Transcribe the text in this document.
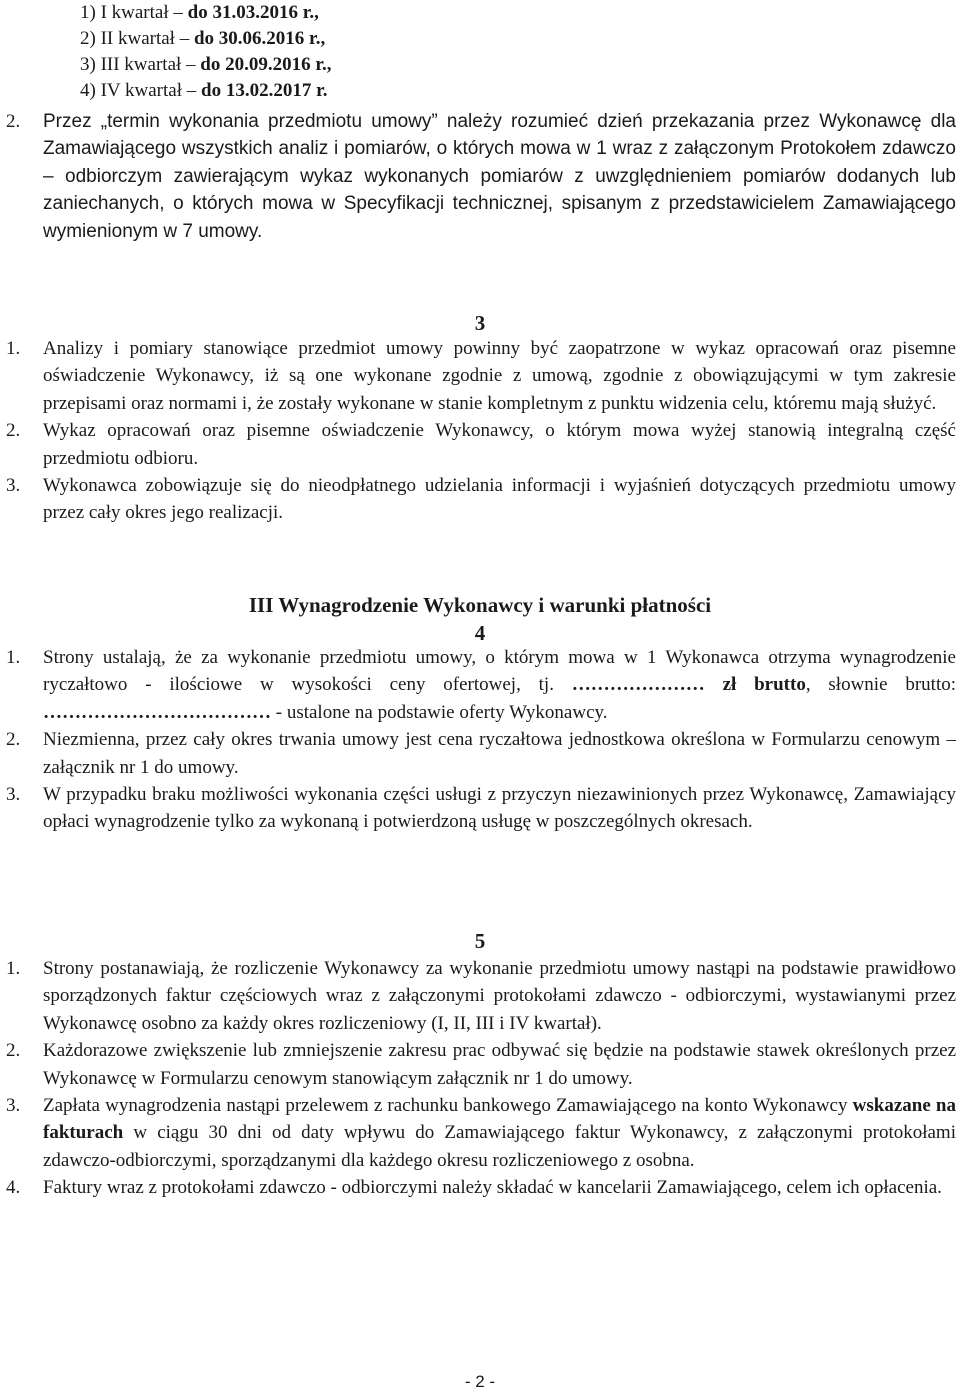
1) I kwartał – do 31.03.2016 r.,
2) II kwartał – do 30.06.2016 r.,
3) III kwartał – do 20.09.2016 r.,
4) IV kwartał – do 13.02.2017 r.
2. Przez „termin wykonania przedmiotu umowy” należy rozumieć dzień przekazania przez Wykonawcę dla Zamawiającego wszystkich analiz i pomiarów, o których mowa w 1 wraz z załączonym Protokołem zdawczo – odbiorczym zawierającym wykaz wykonanych pomiarów z uwzględnieniem pomiarów dodanych lub zaniechanych, o których mowa w Specyfikacji technicznej, spisanym z przedstawicielem Zamawiającego wymienionym w 7 umowy.
3
1. Analizy i pomiary stanowiące przedmiot umowy powinny być zaopatrzone w wykaz opracowań oraz pisemne oświadczenie Wykonawcy, iż są one wykonane zgodnie z umową, zgodnie z obowiązującymi w tym zakresie przepisami oraz normami i, że zostały wykonane w stanie kompletnym z punktu widzenia celu, któremu mają służyć.
2. Wykaz opracowań oraz pisemne oświadczenie Wykonawcy, o którym mowa wyżej stanowią integralną część przedmiotu odbioru.
3. Wykonawca zobowiązuje się do nieodpłatnego udzielania informacji i wyjaśnień dotyczących przedmiotu umowy przez cały okres jego realizacji.
III Wynagrodzenie Wykonawcy i warunki płatności
4
1. Strony ustalają, że za wykonanie przedmiotu umowy, o którym mowa w 1 Wykonawca otrzyma wynagrodzenie ryczałtowo - ilościowe w wysokości ceny ofertowej, tj. ………………… zł brutto, słownie brutto: ……………………………… - ustalone na podstawie oferty Wykonawcy.
2. Niezmienna, przez cały okres trwania umowy jest cena ryczałtowa jednostkowa określona w Formularzu cenowym – załącznik nr 1 do umowy.
3. W przypadku braku możliwości wykonania części usługi z przyczyn niezawinionych przez Wykonawcę, Zamawiający opłaci wynagrodzenie tylko za wykonaną i potwierdzoną usługę w poszczególnych okresach.
5
1. Strony postanawiają, że rozliczenie Wykonawcy za wykonanie przedmiotu umowy nastąpi na podstawie prawidłowo sporządzonych faktur częściowych wraz z załączonymi protokołami zdawczo - odbiorczymi, wystawianymi przez Wykonawcę osobno za każdy okres rozliczeniowy (I, II, III i IV kwartał).
2. Każdorazowe zwiększenie lub zmniejszenie zakresu prac odbywać się będzie na podstawie stawek określonych przez Wykonawcę w Formularzu cenowym stanowiącym załącznik nr 1 do umowy.
3. Zapłata wynagrodzenia nastąpi przelewem z rachunku bankowego Zamawiającego na konto Wykonawcy wskazane na fakturach w ciągu 30 dni od daty wpływu do Zamawiającego faktur Wykonawcy, z załączonymi protokołami zdawczo-odbiorczymi, sporządzanymi dla każdego okresu rozliczeniowego z osobna.
4. Faktury wraz z protokołami zdawczo - odbiorczymi należy składać w kancelarii Zamawiającego, celem ich opłacenia.
- 2 -
